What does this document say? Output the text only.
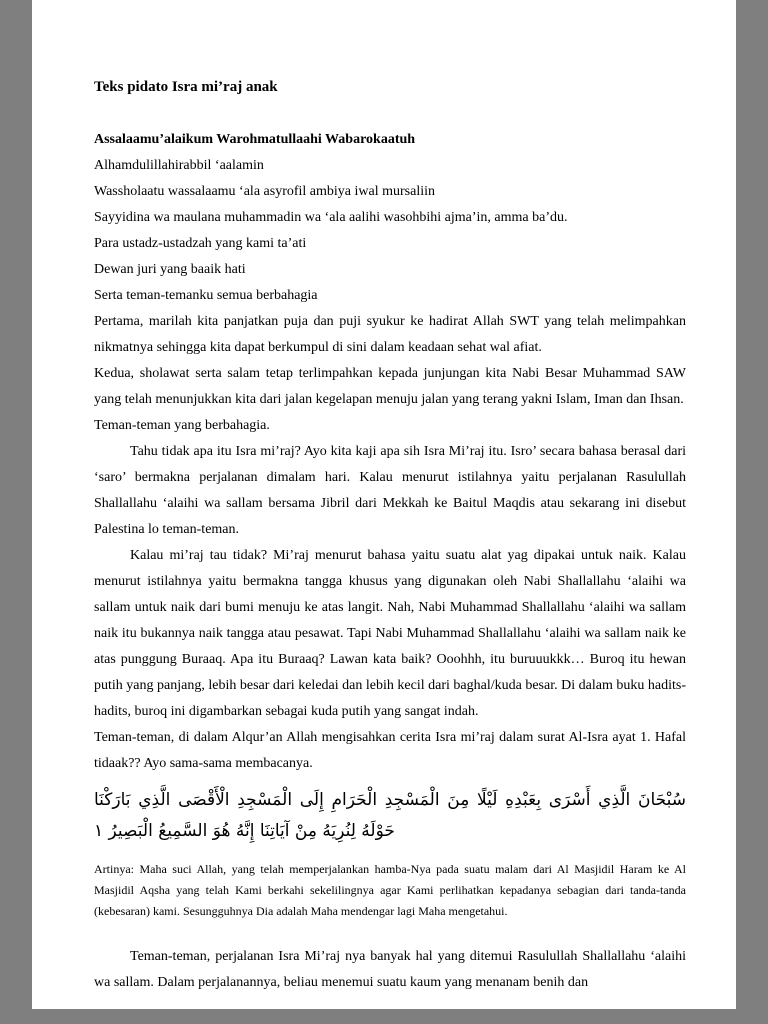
Teks pidato Isra mi’raj anak

Assalaamu’alaikum Warohmatullaahi Wabarokaatuh

Alhamdulillahirabbil ‘aalamin

Wassholaatu wassalaamu ‘ala asyrofil ambiya iwal mursaliin

Sayyidina wa maulana muhammadin wa ‘ala aalihi wasohbihi ajma’in, amma ba’du.

Para ustadz-ustadzah yang kami ta’ati

Dewan juri yang baaik hati

Serta teman-temanku semua berbahagia

Pertama, marilah kita panjatkan puja dan puji syukur ke hadirat Allah SWT yang telah melimpahkan nikmatnya sehingga kita dapat berkumpul di sini dalam keadaan sehat wal afiat.

Kedua, sholawat serta salam tetap terlimpahkan kepada junjungan kita Nabi Besar Muhammad SAW yang telah menunjukkan kita dari jalan kegelapan menuju jalan yang terang yakni Islam, Iman dan Ihsan.

Teman-teman yang berbahagia.

Tahu tidak apa itu Isra mi’raj? Ayo kita kaji apa sih Isra Mi’raj itu. Isro’ secara bahasa berasal dari ‘saro’ bermakna perjalanan dimalam hari. Kalau menurut istilahnya yaitu perjalanan Rasulullah Shallallahu ‘alaihi wa sallam bersama Jibril dari Mekkah ke Baitul Maqdis atau sekarang ini disebut Palestina lo teman-teman.

Kalau mi’raj tau tidak? Mi’raj menurut bahasa yaitu suatu alat yag dipakai untuk naik. Kalau menurut istilahnya yaitu bermakna tangga khusus yang digunakan oleh Nabi Shallallahu ‘alaihi wa sallam untuk naik dari bumi menuju ke atas langit. Nah, Nabi Muhammad Shallallahu ‘alaihi wa sallam naik itu bukannya naik tangga atau pesawat. Tapi Nabi Muhammad Shallallahu ‘alaihi wa sallam naik ke atas punggung Buraaq. Apa itu Buraaq? Lawan kata baik? Ooohhh, itu buruuukkk… Buroq itu hewan putih yang panjang, lebih besar dari keledai dan lebih kecil dari baghal/kuda besar. Di dalam buku hadits-hadits, buroq ini digambarkan sebagai kuda putih yang sangat indah.

Teman-teman, di dalam Alqur’an Allah mengisahkan cerita Isra mi’raj dalam surat Al-Isra ayat 1. Hafal tidaak?? Ayo sama-sama membacanya.

سُبْحَانَ الَّذِي أَسْرَى بِعَبْدِهِ لَيْلًا مِنَ الْمَسْجِدِ الْحَرَامِ إِلَى الْمَسْجِدِ الْأَقْصَى الَّذِي بَارَكْنَا حَوْلَهُ لِنُرِيَهُ مِنْ آيَاتِنَا إِنَّهُ هُوَ السَّمِيعُ الْبَصِيرُ ١

Artinya: Maha suci Allah, yang telah memperjalankan hamba-Nya pada suatu malam dari Al Masjidil Haram ke Al Masjidil Aqsha yang telah Kami berkahi sekelilingnya agar Kami perlihatkan kepadanya sebagian dari tanda-tanda (kebesaran) kami. Sesungguhnya Dia adalah Maha mendengar lagi Maha mengetahui.

Teman-teman, perjalanan Isra Mi’raj nya banyak hal yang ditemui Rasulullah Shallallahu ‘alaihi wa sallam. Dalam perjalanannya, beliau menemui suatu kaum yang menanam benih dan
